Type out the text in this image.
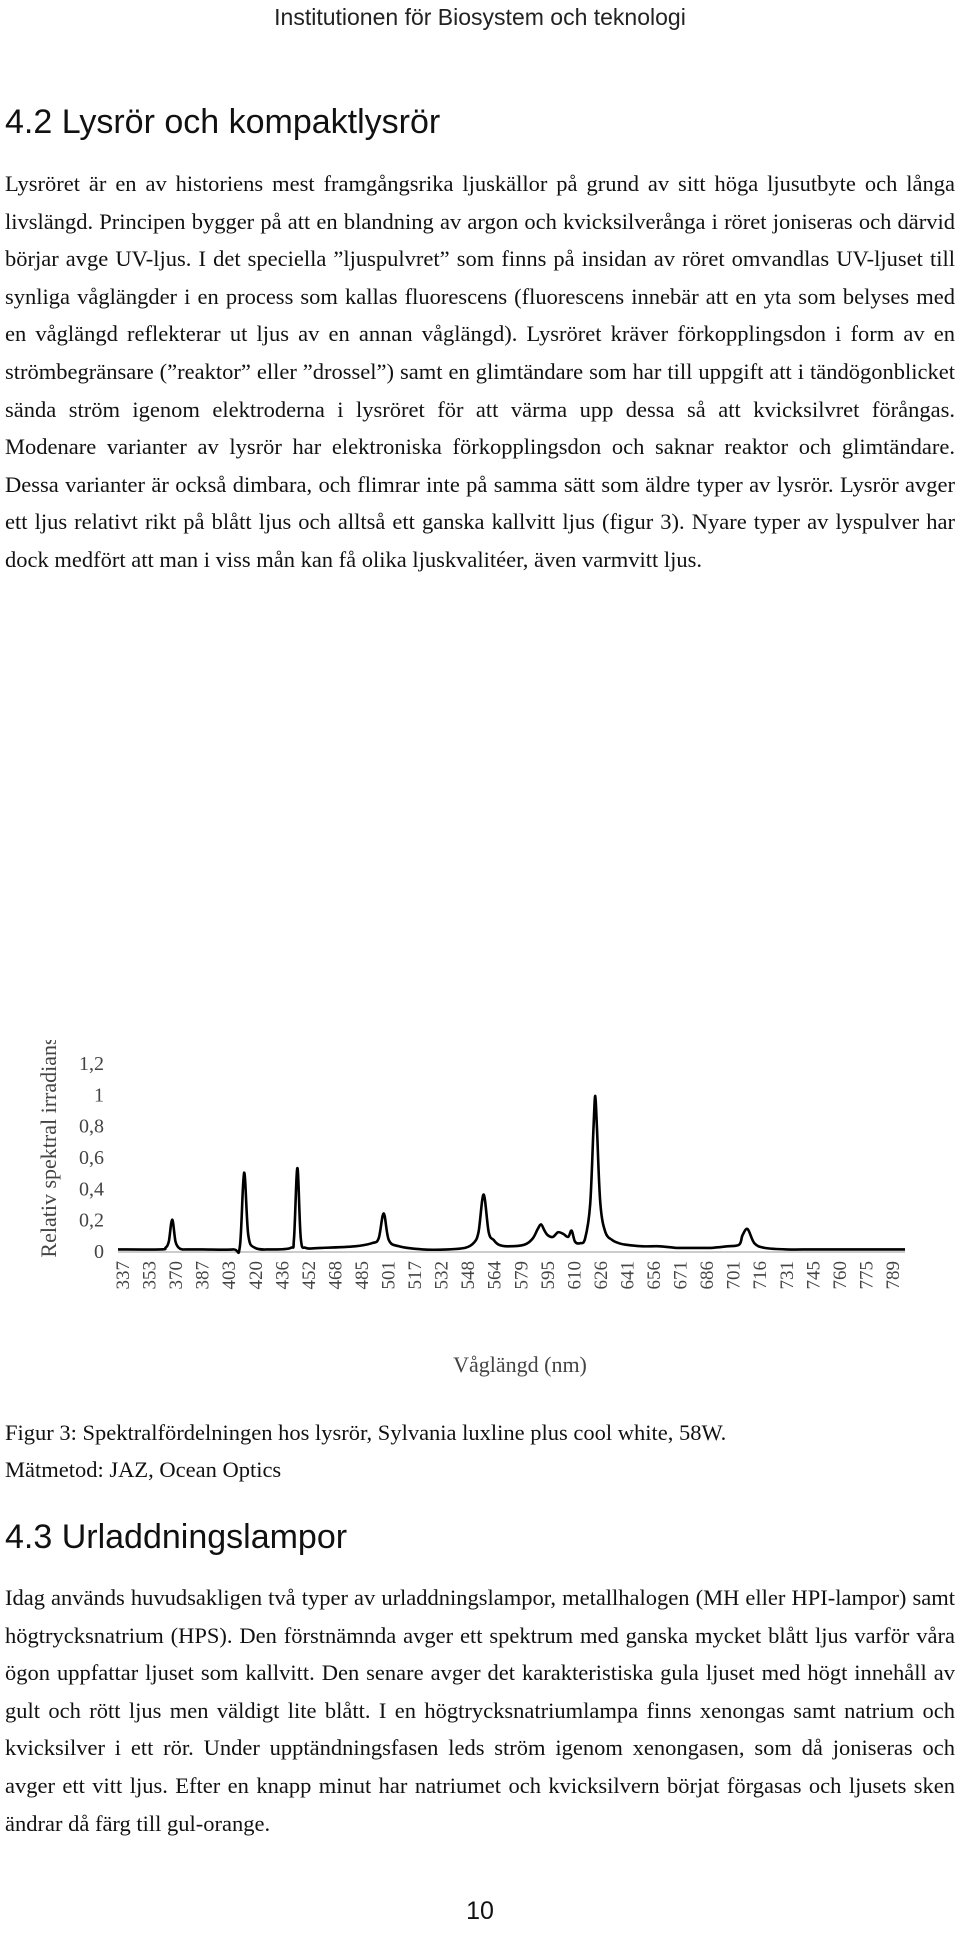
Institutionen för Biosystem och teknologi
4.2 Lysrör och kompaktlysrör

Lysröret är en av historiens mest framgångsrika ljuskällor på grund av sitt höga ljusutbyte och långa livslängd. Principen bygger på att en blandning av argon och kvicksilverånga i röret joniseras och därvid börjar avge UV-ljus. I det speciella ”ljuspulvret” som finns på insidan av röret omvandlas UV-ljuset till synliga våglängder i en process som kallas fluorescens (fluorescens innebär att en yta som belyses med en våglängd reflekterar ut ljus av en annan våglängd). Lysröret kräver förkopplingsdon i form av en strömbegränsare (”reaktor” eller ”drossel”) samt en glimtändare som har till uppgift att i tändögonblicket sända ström igenom elektroderna i lysröret för att värma upp dessa så att kvicksilvret förångas. Modenare varianter av lysrör har elektroniska förkopplingsdon och saknar reaktor och glimtändare. Dessa varianter är också dimbara, och flimrar inte på samma sätt som äldre typer av lysrör. Lysrör avger ett ljus relativt rikt på blått ljus och alltså ett ganska kallvitt ljus (figur 3). Nyare typer av lyspulver har dock medfört att man i viss mån kan få olika ljuskvalitéer, även varmvitt ljus.

Relativ spektral irradians
Våglängd (nm)
0
0,2
0,4
0,6
0,8
1
1,2
337 353 370 387 403 420 436 452 468 485 501 517 532 548 564 579 595 610 626 641 656 671 686 701 716 731 745 760 775 789

Figur 3: Spektralfördelningen hos lysrör, Sylvania luxline plus cool white, 58W.

Mätmetod: JAZ, Ocean Optics

4.3 Urladdningslampor

Idag används huvudsakligen två typer av urladdningslampor, metallhalogen (MH eller HPI-lampor) samt högtrycksnatrium (HPS). Den förstnämnda avger ett spektrum med ganska mycket blått ljus varför våra ögon uppfattar ljuset som kallvitt. Den senare avger det karakteristiska gula ljuset med högt innehåll av gult och rött ljus men väldigt lite blått. I en högtrycksnatriumlampa finns xenongas samt natrium och kvicksilver i ett rör. Under upptändningsfasen leds ström igenom xenongasen, som då joniseras och avger ett vitt ljus. Efter en knapp minut har natriumet och kvicksilvern börjat förgasas och ljusets sken ändrar då färg till gul-orange.

10
